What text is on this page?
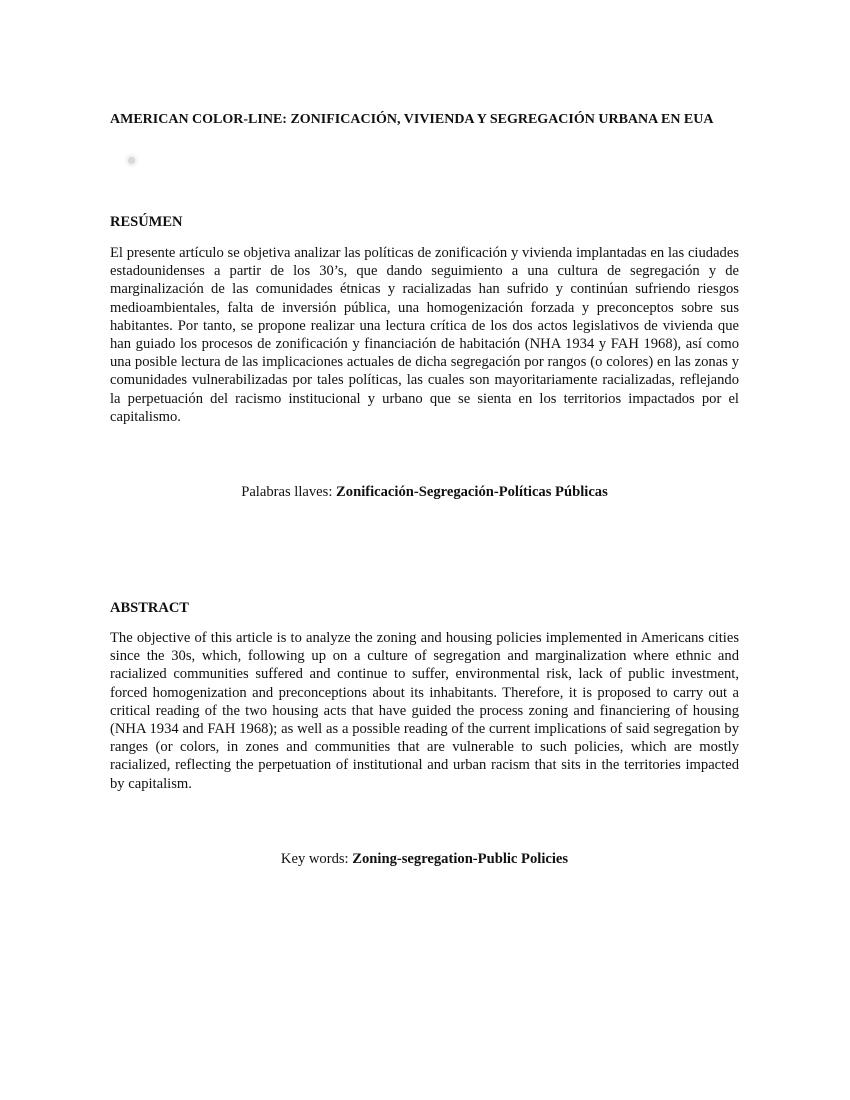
AMERICAN COLOR-LINE: ZONIFICACIÓN, VIVIENDA Y SEGREGACIÓN URBANA EN EUA
RESÚMEN
El presente artículo se objetiva analizar las políticas de zonificación y vivienda implantadas en las ciudades estadounidenses a partir de los 30’s, que dando seguimiento a una cultura de segregación y de marginalización de las comunidades étnicas y racializadas han sufrido y continúan sufriendo riesgos medioambientales, falta de inversión pública, una homogenización forzada y preconceptos sobre sus habitantes. Por tanto, se propone realizar una lectura crítica de los dos actos legislativos de vivienda que han guiado los procesos de zonificación y financiación de habitación (NHA 1934 y FAH 1968), así como una posible lectura de las implicaciones actuales de dicha segregación por rangos (o colores) en las zonas y comunidades vulnerabilizadas por tales políticas, las cuales son mayoritariamente racializadas, reflejando la perpetuación del racismo institucional y urbano que se sienta en los territorios impactados por el capitalismo.
Palabras llaves: Zonificación-Segregación-Políticas Públicas
ABSTRACT
The objective of this article is to analyze the zoning and housing policies implemented in Americans cities since the 30s, which, following up on a culture of segregation and marginalization where ethnic and racialized communities suffered and continue to suffer, environmental risk, lack of public investment, forced homogenization and preconceptions about its inhabitants. Therefore, it is proposed to carry out a critical reading of the two housing acts that have guided the process zoning and financiering of housing (NHA 1934 and FAH 1968); as well as a possible reading of the current implications of said segregation by ranges (or colors, in zones and communities that are vulnerable to such policies, which are mostly racialized, reflecting the perpetuation of institutional and urban racism that sits in the territories impacted by capitalism.
Key words: Zoning-segregation-Public Policies
